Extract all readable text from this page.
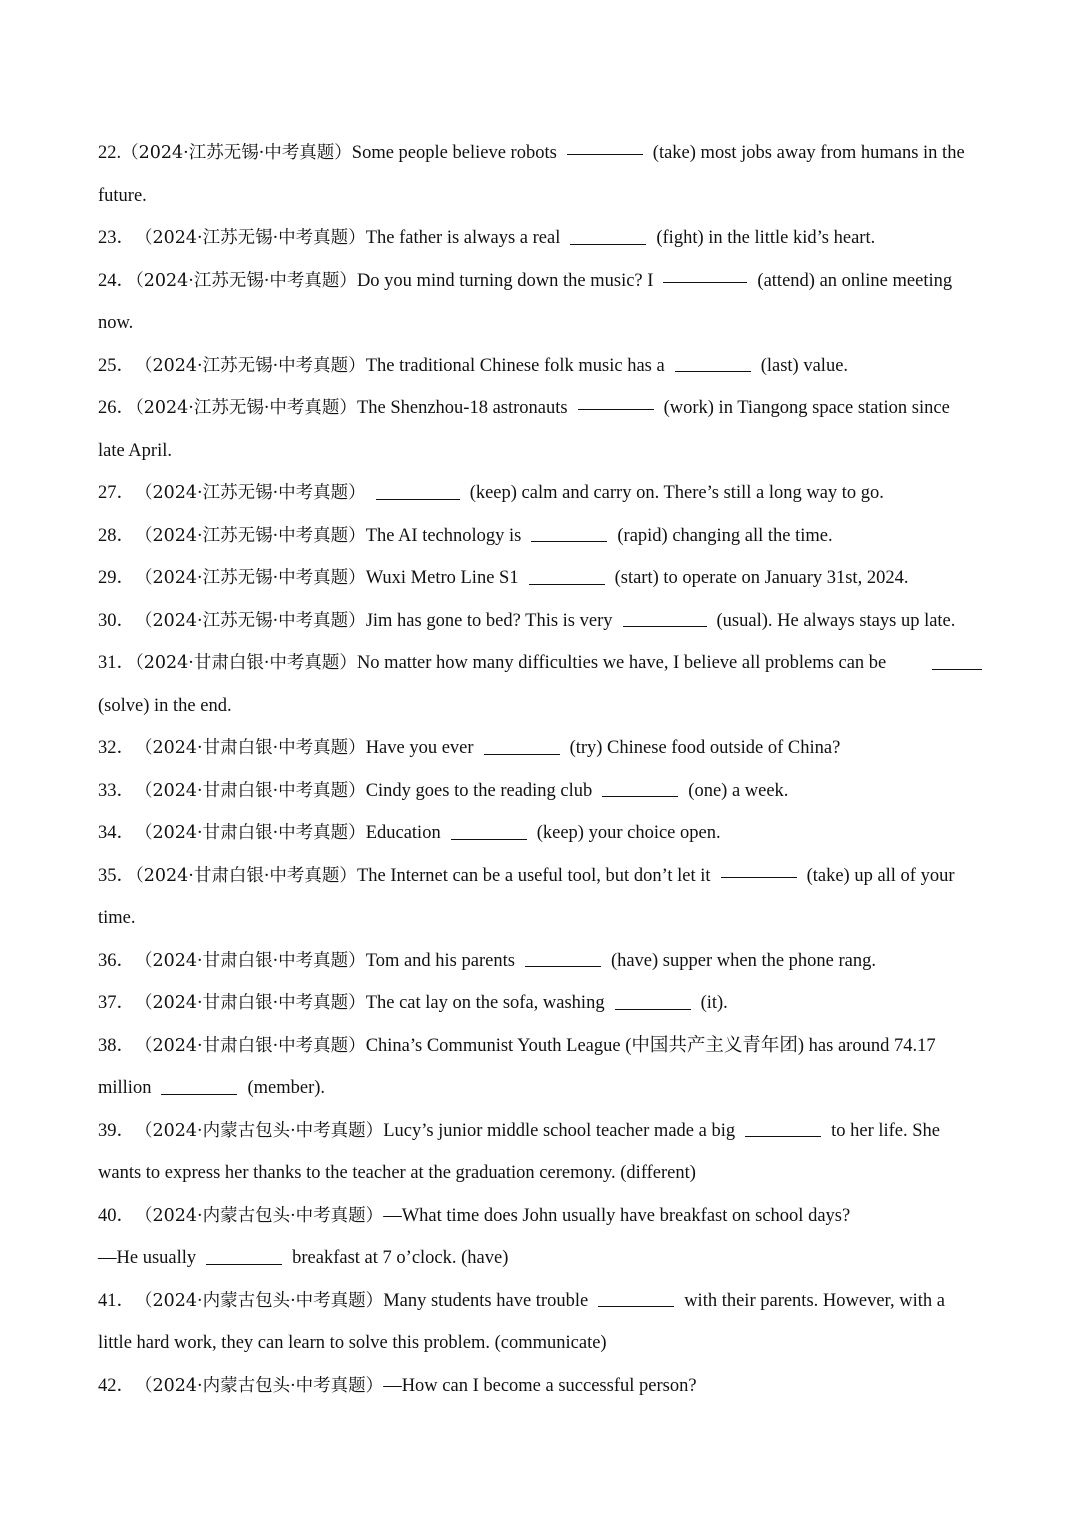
22.（2024·江苏无锡·中考真题）Some people believe robots	(take) most jobs away from humans in the
future.
23． （2024·江苏无锡·中考真题） The father is always a real	(fight) in the little kid’s heart.
24．（2024·江苏无锡·中考真题）Do you mind turning down the music? I	(attend) an online meeting
now.
25． （2024·江苏无锡·中考真题） The traditional Chinese folk music has a	(last) value.
26．（2024·江苏无锡·中考真题）The Shenzhou-18 astronauts	(work) in Tiangong space station since
late April.
27． （2024·江苏无锡·中考真题）	(keep) calm and carry on. There’s still a long way to go.
28． （2024·江苏无锡·中考真题） The AI technology is	(rapid) changing all the time.
29． （2024·江苏无锡·中考真题） Wuxi Metro Line S1	(start) to operate on January 31st, 2024.
30． （2024·江苏无锡·中考真题） Jim has gone to bed? This is very	(usual). He always stays up late.
31．（2024·甘肃白银·中考真题）No matter how many difficulties we have, I believe all problems can be
(solve) in the end.
32． （2024·甘肃白银·中考真题） Have you ever	(try) Chinese food outside of China?
33． （2024·甘肃白银·中考真题） Cindy goes to the reading club	(one) a week.
34． （2024·甘肃白银·中考真题） Education	(keep) your choice open.
35．（2024·甘肃白银·中考真题）The Internet can be a useful tool, but don’t let it	(take) up all of your
time.
36． （2024·甘肃白银·中考真题） Tom and his parents	(have) supper when the phone rang.
37． （2024·甘肃白银·中考真题） The cat lay on the sofa, washing	(it).
38． （2024·甘肃白银·中考真题） China’s Communist Youth League (中国共产主义青年团) has around 74.17
million	(member).
39． （2024·内蒙古包头·中考真题） Lucy’s junior middle school teacher made a big	to her life. She
wants to express her thanks to the teacher at the graduation ceremony. (different)
40． （2024·内蒙古包头·中考真题） —What time does John usually have breakfast on school days?
—He usually	breakfast at 7 o’clock. (have)
41． （2024·内蒙古包头·中考真题） Many students have trouble	with their parents. However, with a
little hard work, they can learn to solve this problem. (communicate)
42． （2024·内蒙古包头·中考真题） —How can I become a successful person?
